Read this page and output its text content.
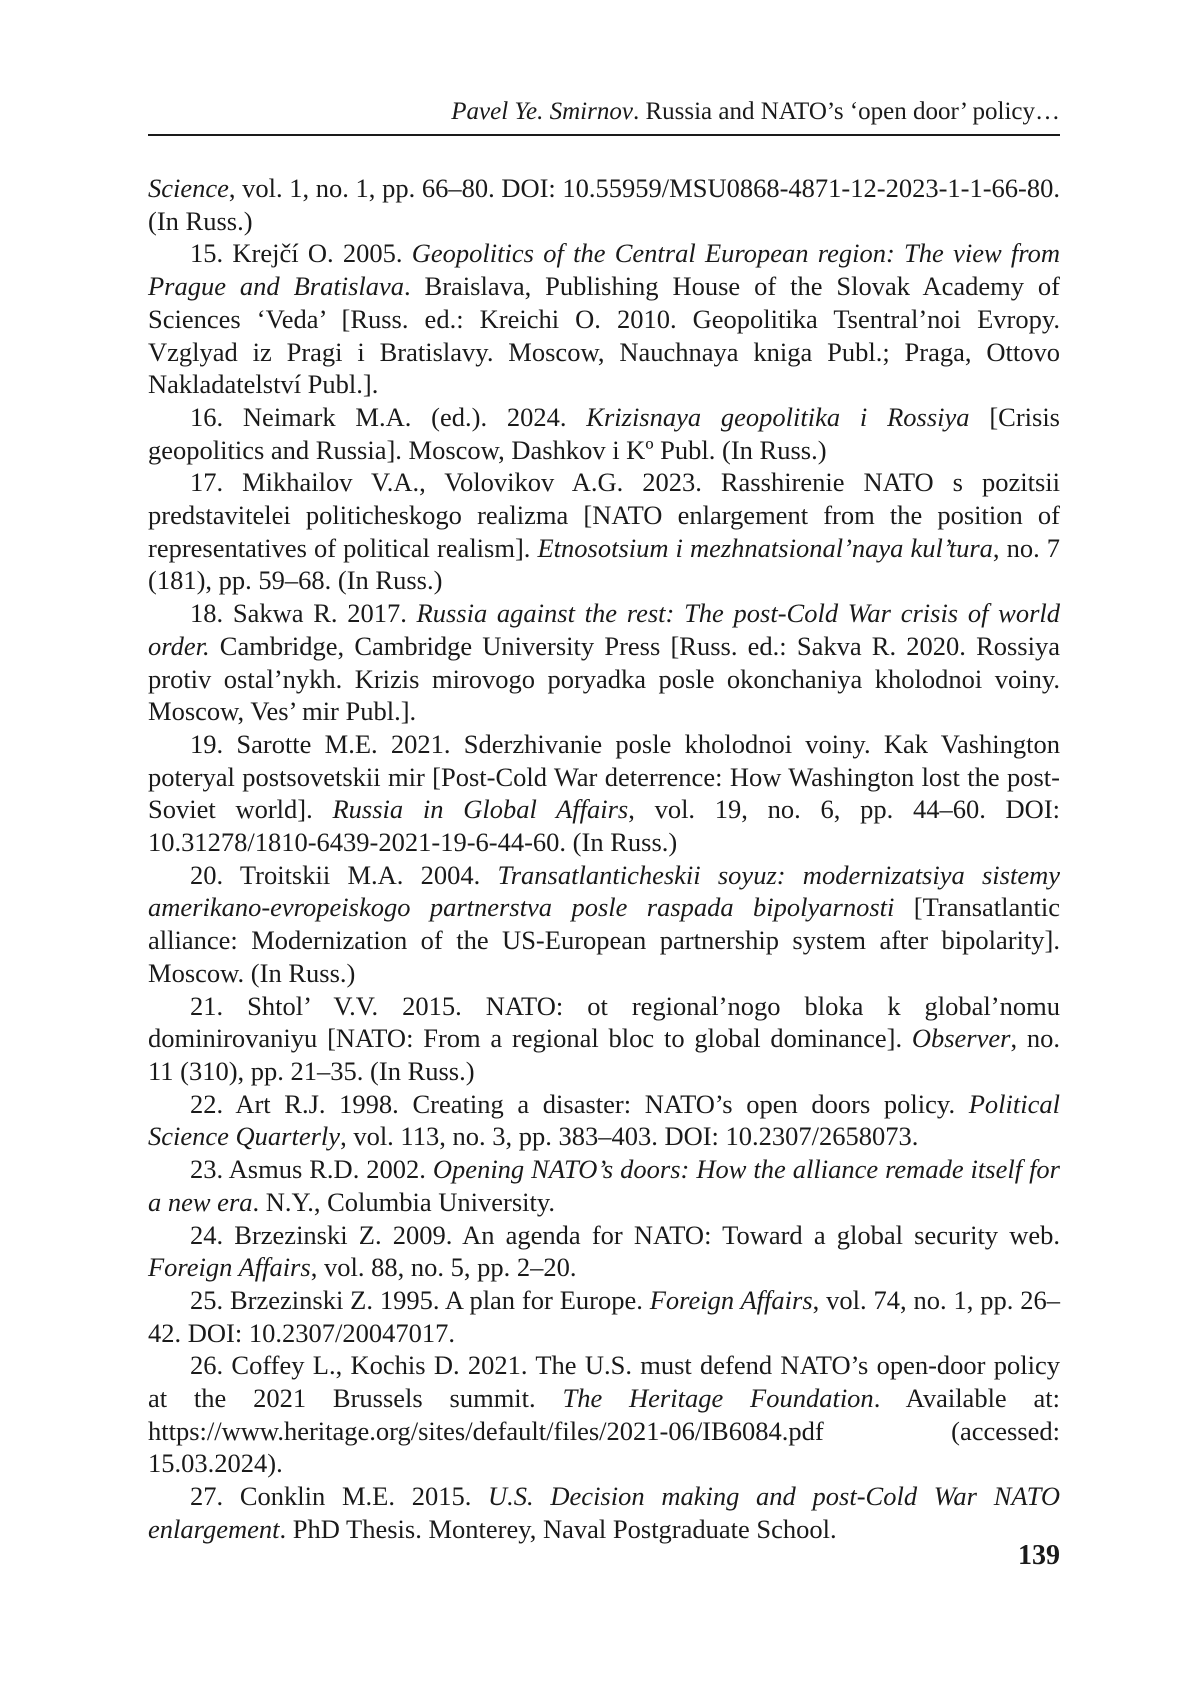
Pavel Ye. Smirnov. Russia and NATO’s ‘open door’ policy…

Science, vol. 1, no. 1, pp. 66–80. DOI: 10.55959/MSU0868-4871-12-2023-1-1-66-80. (In Russ.)

15. Krejčí O. 2005. Geopolitics of the Central European region: The view from Prague and Bratislava. Braislava, Publishing House of the Slovak Academy of Sciences ‘Veda’ [Russ. ed.: Kreichi O. 2010. Geopolitika Tsentral’noi Evropy. Vzglyad iz Pragi i Bratislavy. Moscow, Nauchnaya kniga Publ.; Praga, Ottovo Nakladatelství Publ.].

16. Neimark M.A. (ed.). 2024. Krizisnaya geopolitika i Rossiya [Crisis geopolitics and Russia]. Moscow, Dashkov i Kº Publ. (In Russ.)

17. Mikhailov V.A., Volovikov A.G. 2023. Rasshirenie NATO s pozitsii predstavitelei politicheskogo realizma [NATO enlargement from the position of representatives of political realism]. Etnosotsium i mezhnatsional’naya kul’tura, no. 7 (181), pp. 59–68. (In Russ.)

18. Sakwa R. 2017. Russia against the rest: The post-Cold War crisis of world order. Cambridge, Cambridge University Press [Russ. ed.: Sakva R. 2020. Rossiya protiv ostal’nykh. Krizis mirovogo poryadka posle okonchaniya kholodnoi voiny. Moscow, Ves’ mir Publ.].

19. Sarotte M.E. 2021. Sderzhivanie posle kholodnoi voiny. Kak Vashington poteryal postsovetskii mir [Post-Cold War deterrence: How Washington lost the post-Soviet world]. Russia in Global Affairs, vol. 19, no. 6, pp. 44–60. DOI: 10.31278/1810-6439-2021-19-6-44-60. (In Russ.)

20. Troitskii M.A. 2004. Transatlanticheskii soyuz: modernizatsiya sistemy amerikano-evropeiskogo partnerstva posle raspada bipolyarnosti [Transatlantic alliance: Modernization of the US-European partnership system after bipolarity]. Moscow. (In Russ.)

21. Shtol’ V.V. 2015. NATO: ot regional’nogo bloka k global’nomu dominirovaniyu [NATO: From a regional bloc to global dominance]. Observer, no. 11 (310), pp. 21–35. (In Russ.)

22. Art R.J. 1998. Creating a disaster: NATO’s open doors policy. Political Science Quarterly, vol. 113, no. 3, pp. 383–403. DOI: 10.2307/2658073.

23. Asmus R.D. 2002. Opening NATO’s doors: How the alliance remade itself for a new era. N.Y., Columbia University.

24. Brzezinski Z. 2009. An agenda for NATO: Toward a global security web. Foreign Affairs, vol. 88, no. 5, pp. 2–20.

25. Brzezinski Z. 1995. A plan for Europe. Foreign Affairs, vol. 74, no. 1, pp. 26–42. DOI: 10.2307/20047017.

26. Coffey L., Kochis D. 2021. The U.S. must defend NATO’s open-door policy at the 2021 Brussels summit. The Heritage Foundation. Available at: https://www.heritage.org/sites/default/files/2021-06/IB6084.pdf (accessed: 15.03.2024).

27. Conklin M.E. 2015. U.S. Decision making and post-Cold War NATO enlargement. PhD Thesis. Monterey, Naval Postgraduate School.

139
